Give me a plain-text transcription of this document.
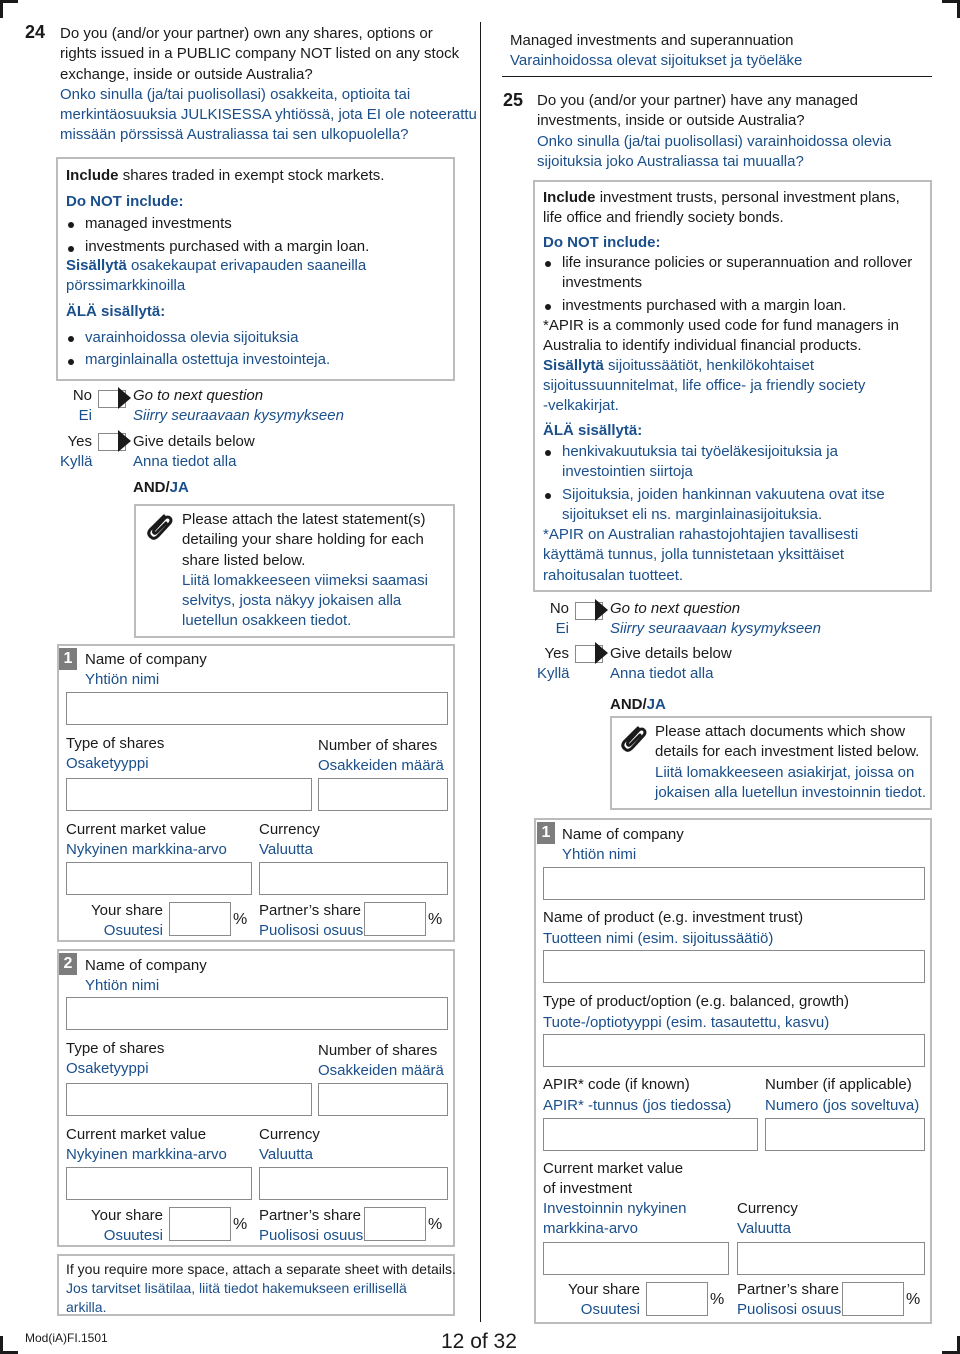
24 Do you (and/or your partner) own any shares, options or
rights issued in a PUBLIC company NOT listed on any stock
exchange, inside or outside Australia?
Onko sinulla (ja/tai puolisollasi) osakkeita, optioita tai
merkintäosuuksia JULKISESSA yhtiössä, jota EI ole noteerattu
missään pörssissä Australiassa tai sen ulkopuolella?
Include shares traded in exempt stock markets.
Do NOT include:
managed investments
investments purchased with a margin loan.
Sisällytä osakekaupat erivapauden saaneilla
pörssimarkkinoilla
ÄLÄ sisällytä:
varainhoidossa olevia sijoituksia
marginlainalla ostettuja investointeja.
No
Ei
Go to next question
Siirry seuraavaan kysymykseen
Yes
Kyllä
Give details below
Anna tiedot alla
AND/JA
Please attach the latest statement(s)
detailing your share holding for each
share listed below.
Liitä lomakkeeseen viimeksi saamasi
selvitys, josta näkyy jokaisen alla
luetellun osakkeen tiedot.
1 Name of company
Yhtiön nimi
Type of shares
Osaketyyppi
Number of shares
Osakkeiden määrä
Current market value
Nykyinen markkina-arvo
Currency
Valuutta
Your share
Osuutesi
%
Partner’s share
Puolisosi osuus
%
2 Name of company
Yhtiön nimi
Type of shares
Osaketyyppi
Number of shares
Osakkeiden määrä
Current market value
Nykyinen markkina-arvo
Currency
Valuutta
Your share
Osuutesi
%
Partner’s share
Puolisosi osuus
%
If you require more space, attach a separate sheet with details.
Jos tarvitset lisätilaa, liitä tiedot hakemukseen erillisellä
arkilla.
Mod(iA)FI.1501	12 of 32
Managed investments and superannuation
Varainhoidossa olevat sijoitukset ja työeläke
25 Do you (and/or your partner) have any managed
investments, inside or outside Australia?
Onko sinulla (ja/tai puolisollasi) varainhoidossa olevia
sijoituksia joko Australiassa tai muualla?
Include investment trusts, personal investment plans,
life office and friendly society bonds.
Do NOT include:
life insurance policies or superannuation and rollover
investments
investments purchased with a margin loan.
*APIR is a commonly used code for fund managers in
Australia to identify individual financial products.
Sisällytä sijoitussäätiöt, henkilökohtaiset
sijoitussuunnitelmat, life office- ja friendly society
-velkakirjat.
ÄLÄ sisällytä:
henkivakuutuksia tai työeläkesijoituksia ja
investointien siirtoja
Sijoituksia, joiden hankinnan vakuutena ovat itse
sijoitukset eli ns. marginlainasijoituksia.
*APIR on Australian rahastojohtajien tavallisesti
käyttämä tunnus, jolla tunnistetaan yksittäiset
rahoitusalan tuotteet.
No
Ei
Go to next question
Siirry seuraavaan kysymykseen
Yes
Kyllä
Give details below
Anna tiedot alla
AND/JA
Please attach documents which show
details for each investment listed below.
Liitä lomakkeeseen asiakirjat, joissa on
jokaisen alla luetellun investoinnin tiedot.
1 Name of company
Yhtiön nimi
Name of product (e.g. investment trust)
Tuotteen nimi (esim. sijoitussäätiö)
Type of product/option (e.g. balanced, growth)
Tuote-/optiotyyppi (esim. tasautettu, kasvu)
APIR* code (if known)
APIR* -tunnus (jos tiedossa)
Number (if applicable)
Numero (jos soveltuva)
Current market value
of investment
Investoinnin nykyinen
markkina-arvo
Currency
Valuutta
Your share
Osuutesi
%
Partner’s share
Puolisosi osuus
%
